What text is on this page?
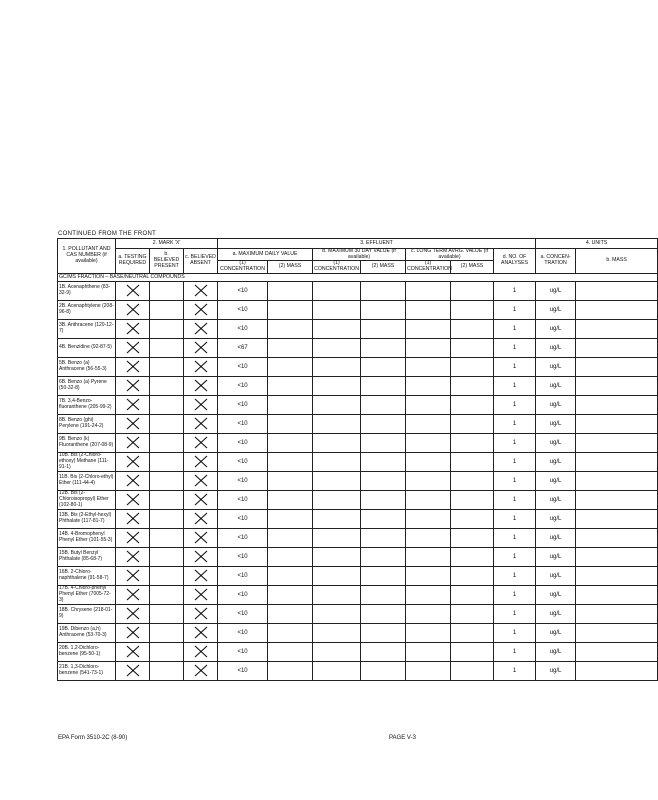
CONTINUED FROM THE FRONT
1. POLLUTANT AND CAS NUMBER (if available)	2. MARK 'X'			3. EFFLUENT							4. UNITS	
	a. TESTING REQUIRED	b. BELIEVED PRESENT	c. BELIEVED ABSENT	a. MAXIMUM DAILY VALUE		b. MAXIMUM 30 DAY VALUE (if available)		c. LONG TERM AVRG. VALUE (if available)		d. NO. OF ANALYSES	a. CONCEN-TRATION	b. MASS
				(1) CONCENTRATION	(2) MASS	(1) CONCENTRATION	(2) MASS	(1) CONCENTRATION	(2) MASS			
GC/MS FRACTION – BASE/NEUTRAL COMPOUNDS												
1B. Acenaphthene (83-32-9)				<10						1	ug/L	
2B. Acenaphtylene (208-96-8)				<10						1	ug/L	
3B. Anthracene (120-12-7)				<10						1	ug/L	
4B. Benzidine (92-87-5)				<67						1	ug/L	
5B. Benzo (a) Anthracene (56-55-3)				<10						1	ug/L	
6B. Benzo (a) Pyrene (50-32-8)				<10						1	ug/L	
7B. 3,4-Benzo-fluoranthene (205-99-2)				<10						1	ug/L	
8B. Benzo (ghi) Perylene (191-24-2)				<10						1	ug/L	
9B. Benzo (k) Fluoranthene (207-08-9)				<10						1	ug/L	
10B. Bis (2-Chloro-ethoxy) Methane (111-91-1)				<10						1	ug/L	
11B. Bis (2-Chloro-ethyl) Ether (111-44-4)				<10						1	ug/L	
12B. Bis (2-Chloroisopropyl) Ether (102-80-1)				<10						1	ug/L	
13B. Bis (2-Ethyl-hexyl) Phthalate (117-81-7)				<10						1	ug/L	
14B. 4-Bromophenyl Phenyl Ether (101-55-3)				<10						1	ug/L	
15B. Butyl Benzyl Phthalate (85-68-7)				<10						1	ug/L	
16B. 2-Chloro-naphthalene (91-58-7)				<10						1	ug/L	
17B. 4-Chloro-phenyl Phenyl Ether (7005-72-3)				<10						1	ug/L	
18B. Chrysene (218-01-9)				<10						1	ug/L	
19B. Dibenzo (a,h) Anthracene (53-70-3)				<10						1	ug/L	
20B. 1,2-Dichloro-benzene (95-50-1)				<10						1	ug/L	
21B. 1,3-Dichloro-benzene (541-73-1)				<10						1	ug/L	
EPA Form 3510-2C (8-90)	PAGE V-3
